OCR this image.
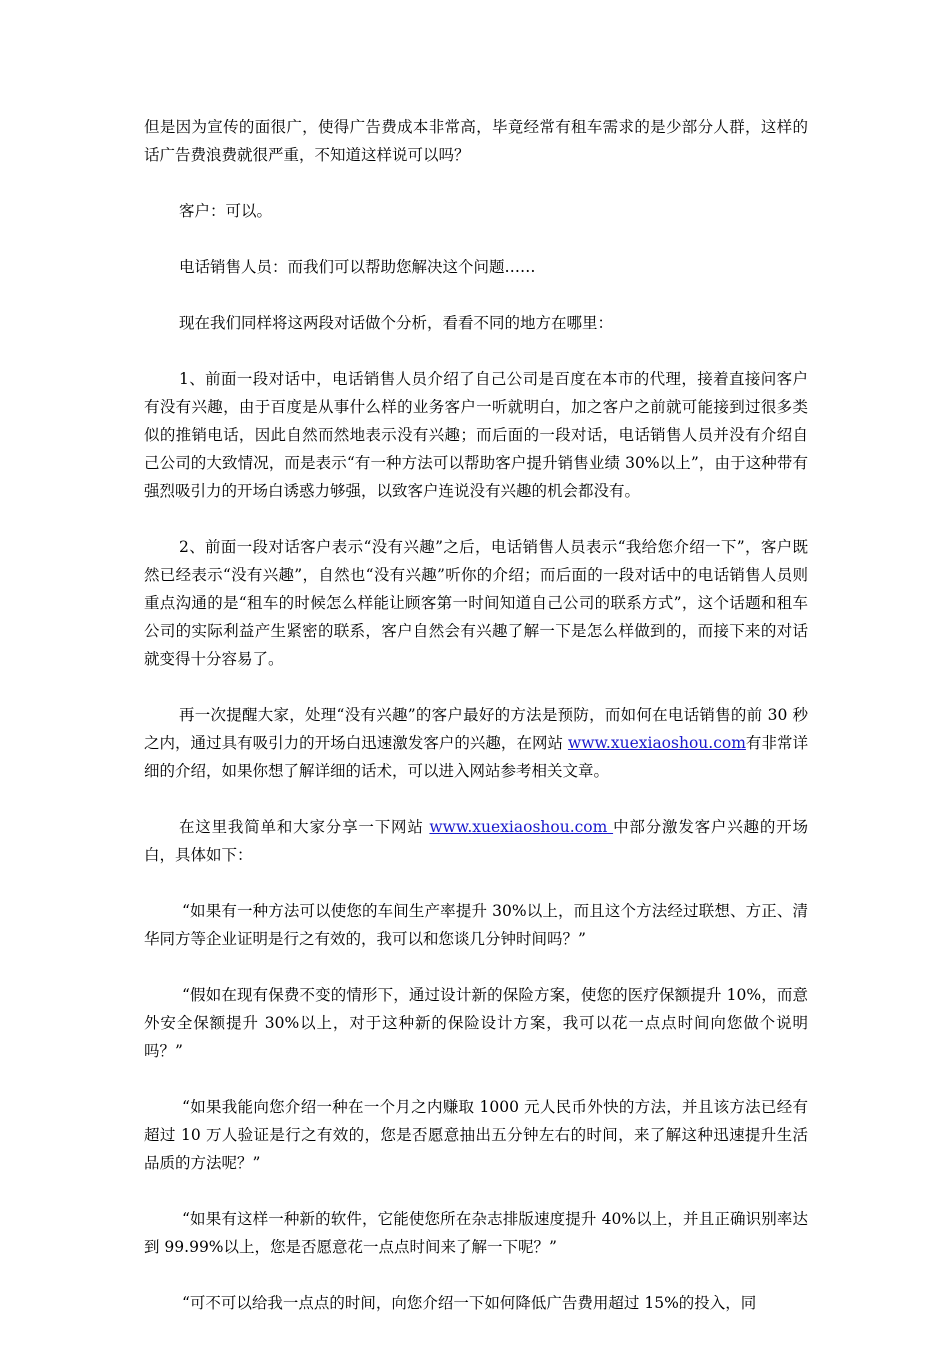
但是因为宣传的面很广，使得广告费成本非常高，毕竟经常有租车需求的是少部分人群，这样的话广告费浪费就很严重，不知道这样说可以吗？

客户：可以。

电话销售人员：而我们可以帮助您解决这个问题……

现在我们同样将这两段对话做个分析，看看不同的地方在哪里：

1、前面一段对话中，电话销售人员介绍了自己公司是百度在本市的代理，接着直接问客户有没有兴趣，由于百度是从事什么样的业务客户一听就明白，加之客户之前就可能接到过很多类似的推销电话，因此自然而然地表示没有兴趣；而后面的一段对话，电话销售人员并没有介绍自己公司的大致情况，而是表示“有一种方法可以帮助客户提升销售业绩 30%以上”，由于这种带有强烈吸引力的开场白诱惑力够强，以致客户连说没有兴趣的机会都没有。

2、前面一段对话客户表示“没有兴趣”之后，电话销售人员表示“我给您介绍一下”，客户既然已经表示“没有兴趣”，自然也“没有兴趣”听你的介绍；而后面的一段对话中的电话销售人员则重点沟通的是“租车的时候怎么样能让顾客第一时间知道自己公司的联系方式”，这个话题和租车公司的实际利益产生紧密的联系，客户自然会有兴趣了解一下是怎么样做到的，而接下来的对话就变得十分容易了。

再一次提醒大家，处理“没有兴趣”的客户最好的方法是预防，而如何在电话销售的前 30 秒之内，通过具有吸引力的开场白迅速激发客户的兴趣，在网站 www.xuexiaoshou.com有非常详细的介绍，如果你想了解详细的话术，可以进入网站参考相关文章。

在这里我简单和大家分享一下网站 www.xuexiaoshou.com 中部分激发客户兴趣的开场白，具体如下：

“如果有一种方法可以使您的车间生产率提升 30%以上，而且这个方法经过联想、方正、清华同方等企业证明是行之有效的，我可以和您谈几分钟时间吗？”

“假如在现有保费不变的情形下，通过设计新的保险方案，使您的医疗保额提升 10%，而意外安全保额提升 30%以上，对于这种新的保险设计方案，我可以花一点点时间向您做个说明吗？”

“如果我能向您介绍一种在一个月之内赚取 1000 元人民币外快的方法，并且该方法已经有超过 10 万人验证是行之有效的，您是否愿意抽出五分钟左右的时间，来了解这种迅速提升生活品质的方法呢？”

“如果有这样一种新的软件，它能使您所在杂志排版速度提升 40%以上，并且正确识别率达到 99.99%以上，您是否愿意花一点点时间来了解一下呢？”

“可不可以给我一点点的时间，向您介绍一下如何降低广告费用超过 15%的投入，同
